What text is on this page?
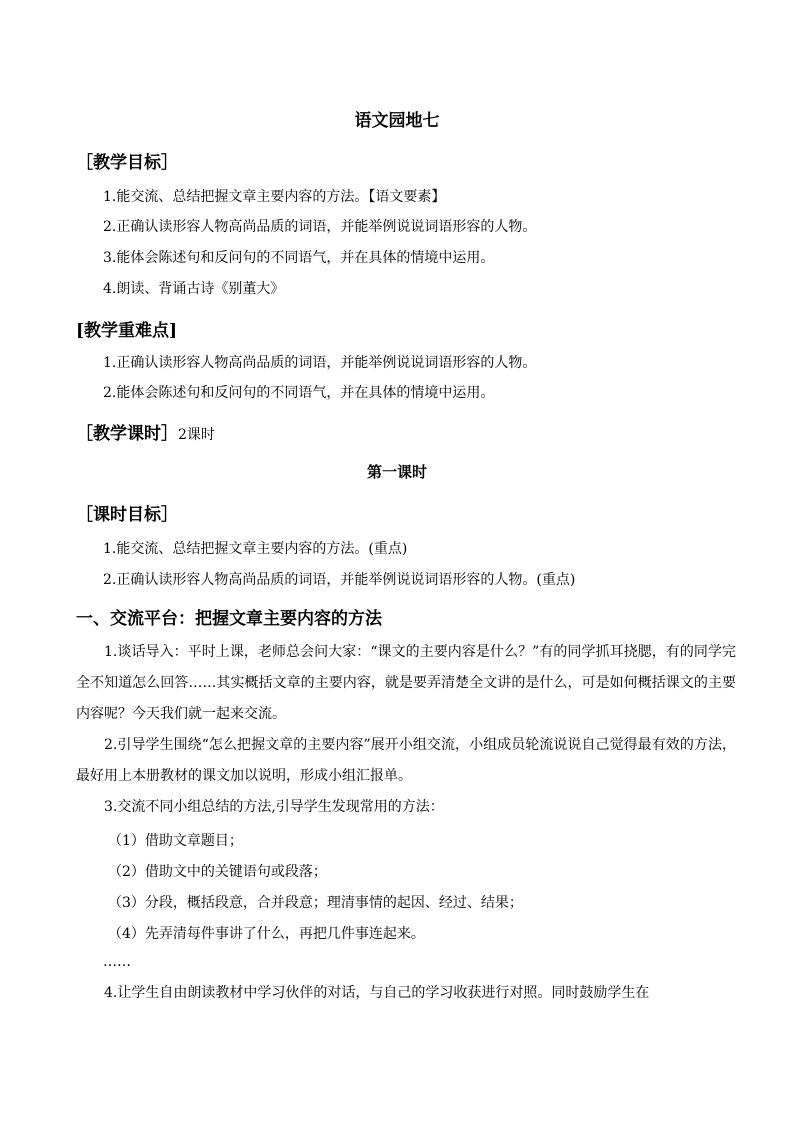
语文园地七
［教学目标］
1.能交流、总结把握文章主要内容的方法。【语文要素】
2.正确认读形容人物高尚品质的词语，并能举例说说词语形容的人物。
3.能体会陈述句和反问句的不同语气，并在具体的情境中运用。
4.朗读、背诵古诗《别董大》
[教学重难点]
1.正确认读形容人物高尚品质的词语，并能举例说说词语形容的人物。
2.能体会陈述句和反问句的不同语气，并在具体的情境中运用。
［教学课时］2课时
第一课时
［课时目标］
1.能交流、总结把握文章主要内容的方法。(重点)
2.正确认读形容人物高尚品质的词语，并能举例说说词语形容的人物。(重点)
一、交流平台：把握文章主要内容的方法
1.谈话导入：平时上课，老师总会问大家：“课文的主要内容是什么？”有的同学抓耳挠腮，有的同学完全不知道怎么回答……其实概括文章的主要内容，就是要弄清楚全文讲的是什么，可是如何概括课文的主要内容呢？今天我们就一起来交流。
2.引导学生围绕“怎么把握文章的主要内容”展开小组交流，小组成员轮流说说自己觉得最有效的方法，最好用上本册教材的课文加以说明，形成小组汇报单。
3.交流不同小组总结的方法,引导学生发现常用的方法：
（1）借助文章题目；
（2）借助文中的关键语句或段落；
（3）分段，概括段意，合并段意；理清事情的起因、经过、结果；
（4）先弄清每件事讲了什么，再把几件事连起来。
……
4.让学生自由朗读教材中学习伙伴的对话，与自己的学习收获进行对照。同时鼓励学生在
